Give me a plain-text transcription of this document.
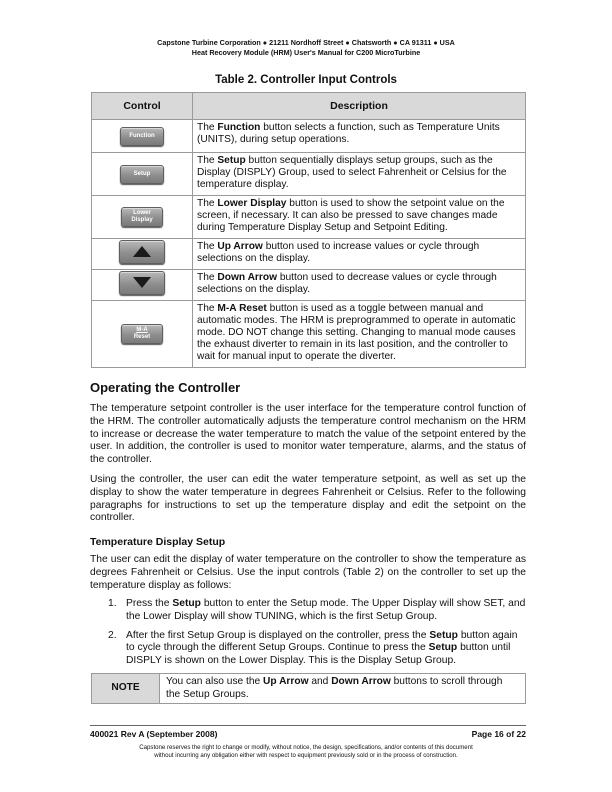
Capstone Turbine Corporation ● 21211 Nordhoff Street ● Chatsworth ● CA 91311 ● USA
Heat Recovery Module (HRM) User's Manual for C200 MicroTurbine
Table 2. Controller Input Controls
Control	Description
Function	The Function button selects a function, such as Temperature Units (UNITS), during setup operations.
Setup	The Setup button sequentially displays setup groups, such as the Display (DISPLY) Group, used to select Fahrenheit or Celsius for the temperature display.
Lower
Display	The Lower Display button is used to show the setpoint value on the screen, if necessary. It can also be pressed to save changes made during Temperature Display Setup and Setpoint Editing.

	The Up Arrow button used to increase values or cycle through selections on the display.

	The Down Arrow button used to decrease values or cycle through selections on the display.
M-A
Reset	The M-A Reset button is used as a toggle between manual and automatic modes. The HRM is preprogrammed to operate in automatic mode. DO NOT change this setting. Changing to manual mode causes the exhaust diverter to remain in its last position, and the controller to wait for manual input to operate the diverter.
Operating the Controller

The temperature setpoint controller is the user interface for the temperature control function of the HRM. The controller automatically adjusts the temperature control mechanism on the HRM to increase or decrease the water temperature to match the value of the setpoint entered by the user. In addition, the controller is used to monitor water temperature, alarms, and the status of the controller.

Using the controller, the user can edit the water temperature setpoint, as well as set up the display to show the water temperature in degrees Fahrenheit or Celsius. Refer to the following paragraphs for instructions to set up the temperature display and edit the setpoint on the controller.

Temperature Display Setup

The user can edit the display of water temperature on the controller to show the temperature as degrees Fahrenheit or Celsius. Use the input controls (Table 2) on the controller to set up the temperature display as follows:

1. Press the Setup button to enter the Setup mode. The Upper Display will show SET, and the Lower Display will show TUNING, which is the first Setup Group.
2. After the first Setup Group is displayed on the controller, press the Setup button again to cycle through the different Setup Groups. Continue to press the Setup button until DISPLY is shown on the Lower Display. This is the Display Setup Group.
NOTE	You can also use the Up Arrow and Down Arrow buttons to scroll through the Setup Groups.
400021 Rev A (September 2008)	Page 16 of 22
Capstone reserves the right to change or modify, without notice, the design, specifications, and/or contents of this document
without incurring any obligation either with respect to equipment previously sold or in the process of construction.
